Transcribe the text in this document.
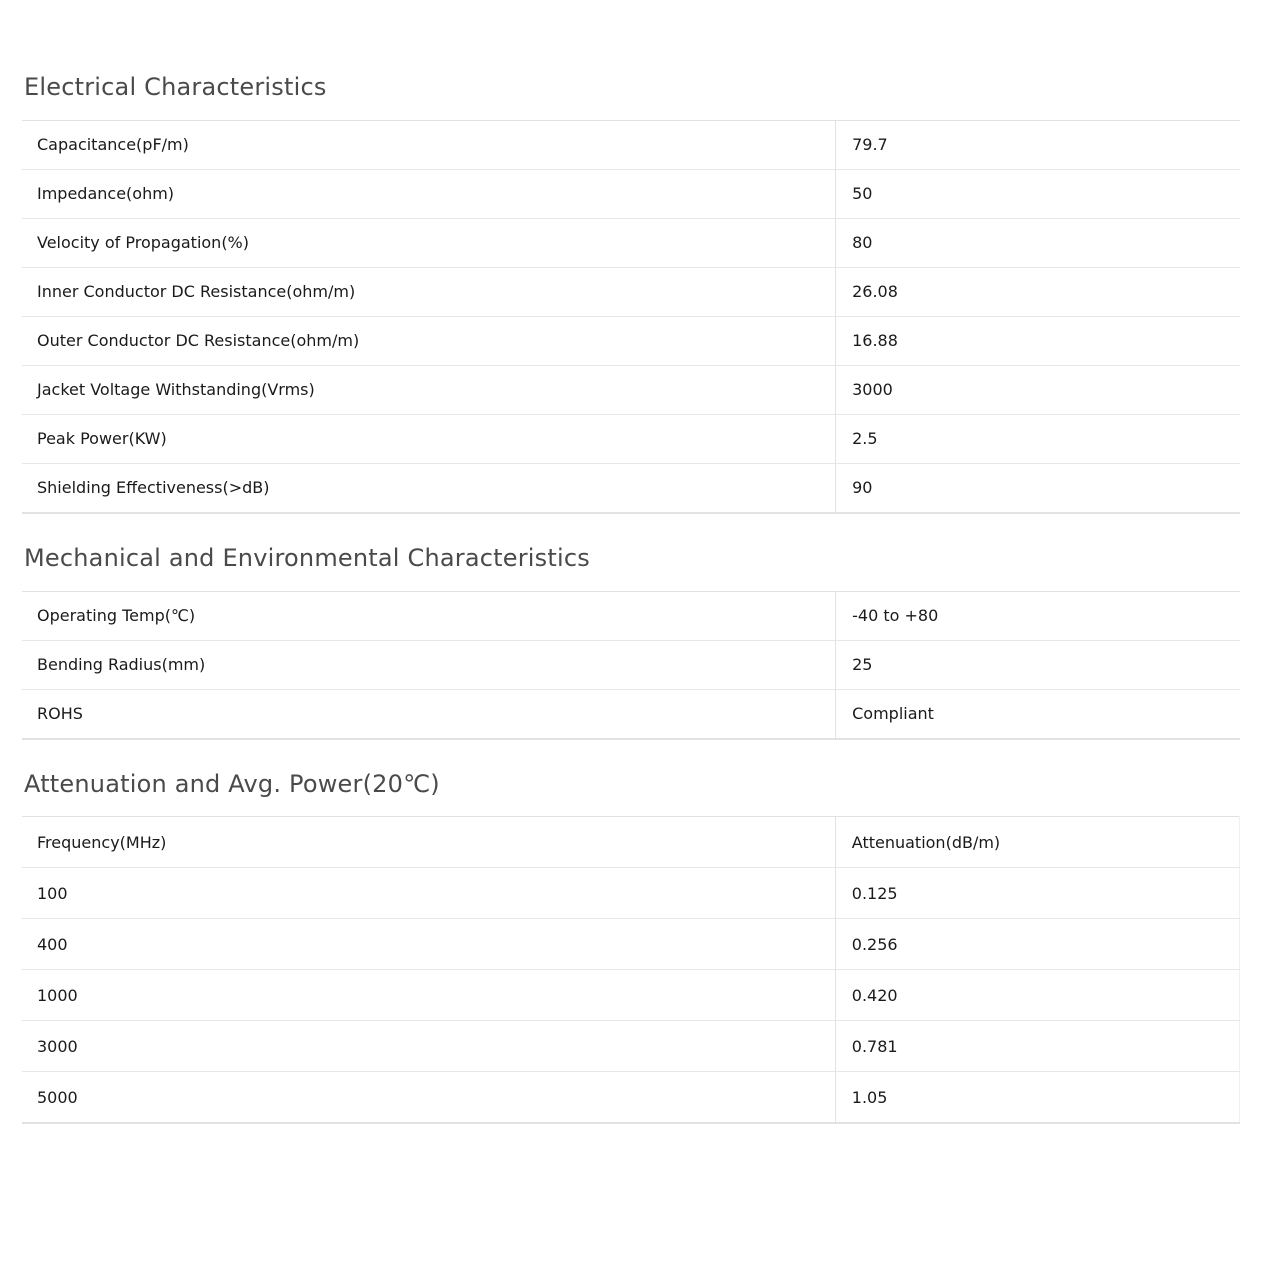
Electrical Characteristics
Capacitance(pF/m)	79.7
Impedance(ohm)	50
Velocity of Propagation(%)	80
Inner Conductor DC Resistance(ohm/m)	26.08
Outer Conductor DC Resistance(ohm/m)	16.88
Jacket Voltage Withstanding(Vrms)	3000
Peak Power(KW)	2.5
Shielding Effectiveness(>dB)	90
Mechanical and Environmental Characteristics
Operating Temp(℃)	-40 to +80
Bending Radius(mm)	25
ROHS	Compliant
Attenuation and Avg. Power(20℃)
Frequency(MHz)	Attenuation(dB/m)
100	0.125
400	0.256
1000	0.420
3000	0.781
5000	1.05
